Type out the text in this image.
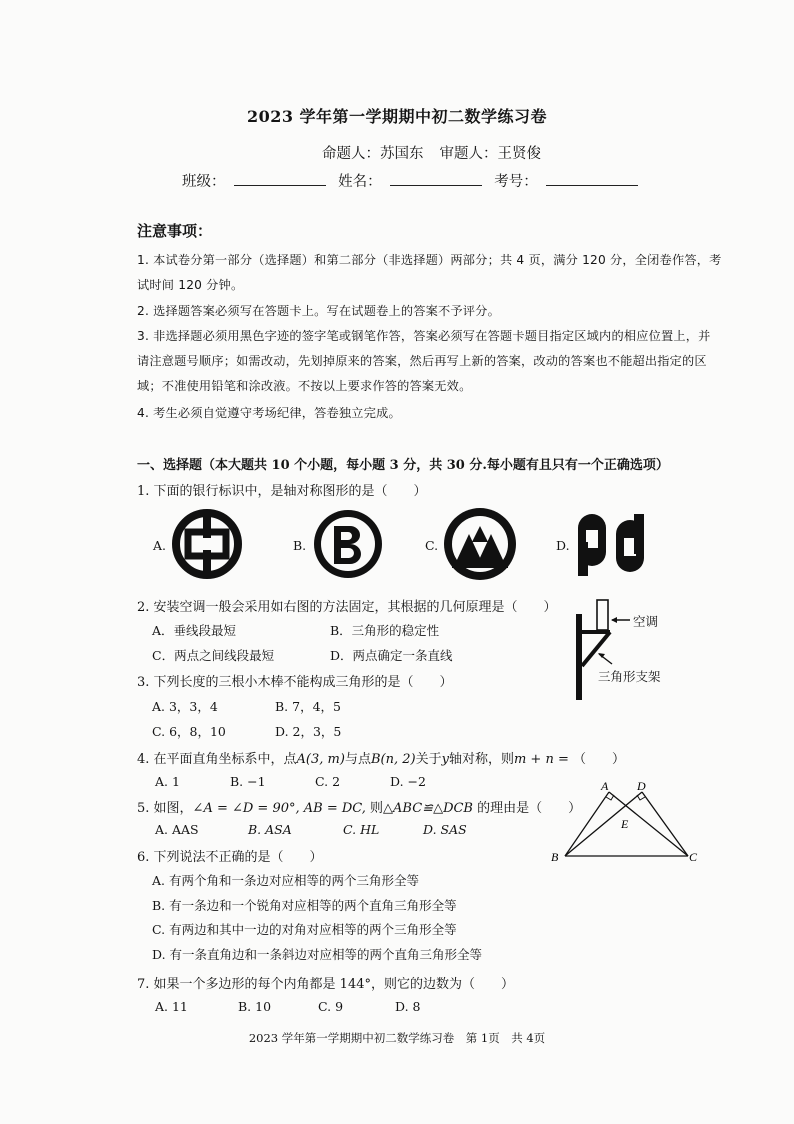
2023 学年第一学期期中初二数学练习卷
命题人：苏国东 审题人：王贤俊
班级：	姓名：	考号：
注意事项：
1. 本试卷分第一部分（选择题）和第二部分（非选择题）两部分；共 4 页，满分 120 分，全闭卷作答，考
试时间 120 分钟。
2. 选择题答案必须写在答题卡上。写在试题卷上的答案不予评分。
3. 非选择题必须用黑色字迹的签字笔或钢笔作答，答案必须写在答题卡题目指定区域内的相应位置上，并
请注意题号顺序；如需改动，先划掉原来的答案，然后再写上新的答案，改动的答案也不能超出指定的区
域；不准使用铅笔和涂改液。不按以上要求作答的答案无效。
4. 考生必须自觉遵守考场纪律，答卷独立完成。
一、选择题（本大题共 10 个小题，每小题 3 分，共 30 分.每小题有且只有一个正确选项）
1. 下面的银行标识中，是轴对称图形的是（　　）
A.	B.	C.	D.
2. 安装空调一般会采用如右图的方法固定，其根据的几何原理是（　　）
A．垂线段最短	B．三角形的稳定性
C．两点之间线段最短	D．两点确定一条直线
空调
三角形支架
3. 下列长度的三根小木棒不能构成三角形的是（　　）
A. 3，3，4	B. 7，4，5
C. 6，8，10	D. 2，3，5
4. 在平面直角坐标系中，点A(3, m)与点B(n, 2)关于y轴对称，则m + n = （　　）
A. 1	B. −1	C. 2	D. −2
5. 如图，∠A = ∠D = 90°, AB = DC, 则△ABC≌△DCB 的理由是（　　）
A. AAS	B. ASA	C. HL	D. SAS
A D
E
B	C
6. 下列说法不正确的是（　　）
A. 有两个角和一条边对应相等的两个三角形全等
B. 有一条边和一个锐角对应相等的两个直角三角形全等
C. 有两边和其中一边的对角对应相等的两个三角形全等
D. 有一条直角边和一条斜边对应相等的两个直角三角形全等
7. 如果一个多边形的每个内角都是 144°，则它的边数为（　　）
A. 11	B. 10	C. 9	D. 8
2023 学年第一学期期中初二数学练习卷　第 1页　共 4页
